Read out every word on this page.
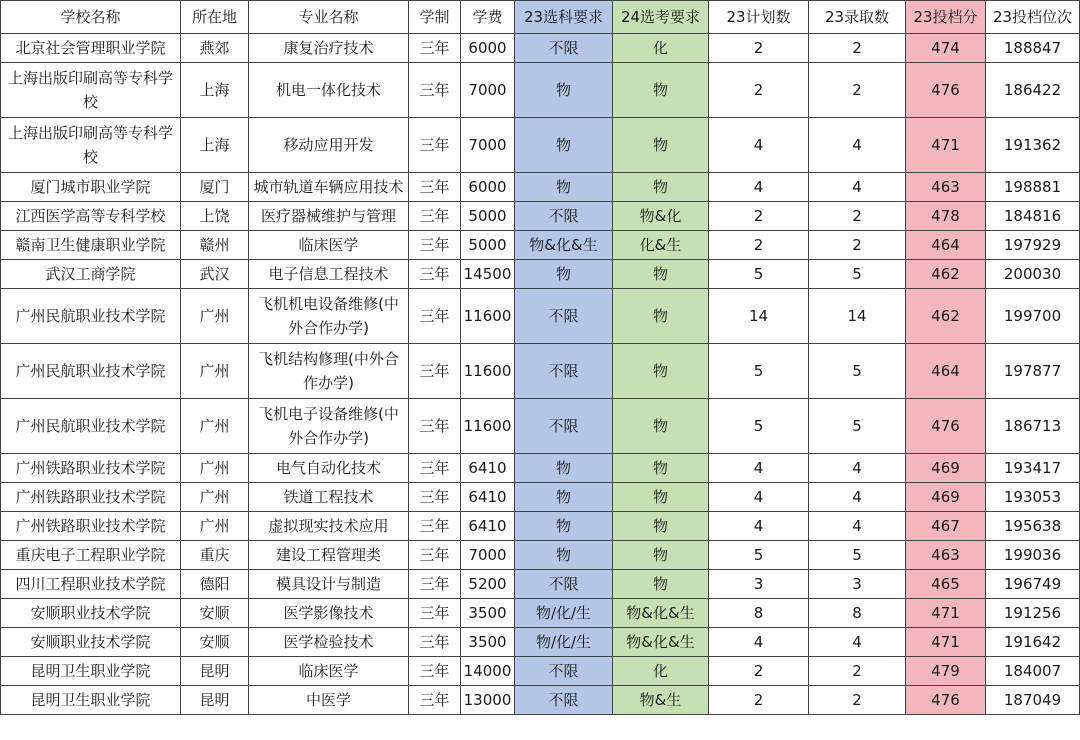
学校名称	所在地	专业名称	学制	学费	23选科要求	24选考要求	23计划数	23录取数	23投档分	23投档位次
北京社会管理职业学院	燕郊	康复治疗技术	三年	6000	不限	化	2	2	474	188847
上海出版印刷高等专科学校	上海	机电一体化技术	三年	7000	物	物	2	2	476	186422
上海出版印刷高等专科学校	上海	移动应用开发	三年	7000	物	物	4	4	471	191362
厦门城市职业学院	厦门	城市轨道车辆应用技术	三年	6000	物	物	4	4	463	198881
江西医学高等专科学校	上饶	医疗器械维护与管理	三年	5000	不限	物&化	2	2	478	184816
赣南卫生健康职业学院	赣州	临床医学	三年	5000	物&化&生	化&生	2	2	464	197929
武汉工商学院	武汉	电子信息工程技术	三年	14500	物	物	5	5	462	200030
广州民航职业技术学院	广州	飞机机电设备维修(中外合作办学)	三年	11600	不限	物	14	14	462	199700
广州民航职业技术学院	广州	飞机结构修理(中外合作办学)	三年	11600	不限	物	5	5	464	197877
广州民航职业技术学院	广州	飞机电子设备维修(中外合作办学)	三年	11600	不限	物	5	5	476	186713
广州铁路职业技术学院	广州	电气自动化技术	三年	6410	物	物	4	4	469	193417
广州铁路职业技术学院	广州	铁道工程技术	三年	6410	物	物	4	4	469	193053
广州铁路职业技术学院	广州	虚拟现实技术应用	三年	6410	物	物	4	4	467	195638
重庆电子工程职业学院	重庆	建设工程管理类	三年	7000	物	物	5	5	463	199036
四川工程职业技术学院	德阳	模具设计与制造	三年	5200	不限	物	3	3	465	196749
安顺职业技术学院	安顺	医学影像技术	三年	3500	物/化/生	物&化&生	8	8	471	191256
安顺职业技术学院	安顺	医学检验技术	三年	3500	物/化/生	物&化&生	4	4	471	191642
昆明卫生职业学院	昆明	临床医学	三年	14000	不限	化	2	2	479	184007
昆明卫生职业学院	昆明	中医学	三年	13000	不限	物&生	2	2	476	187049
